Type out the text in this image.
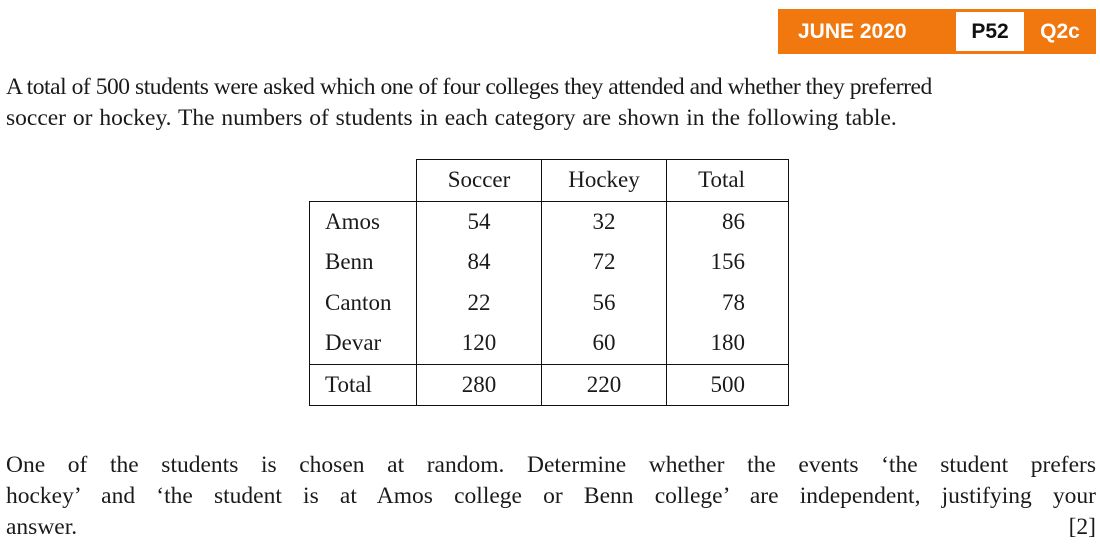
JUNE 2020	P52	Q2c

A total of 500 students were asked which one of four colleges they attended and whether they preferred
soccer or hockey. The numbers of students in each category are shown in the following table.

	Soccer	Hockey	Total
Amos	54	32	86
Benn	84	72	156
Canton	22	56	78
Devar	120	60	180
Total	280	220	500

One of the students is chosen at random. Determine whether the events ‘the student prefers
hockey’ and ‘the student is at Amos college or Benn college’ are independent, justifying your
answer.	[2]
